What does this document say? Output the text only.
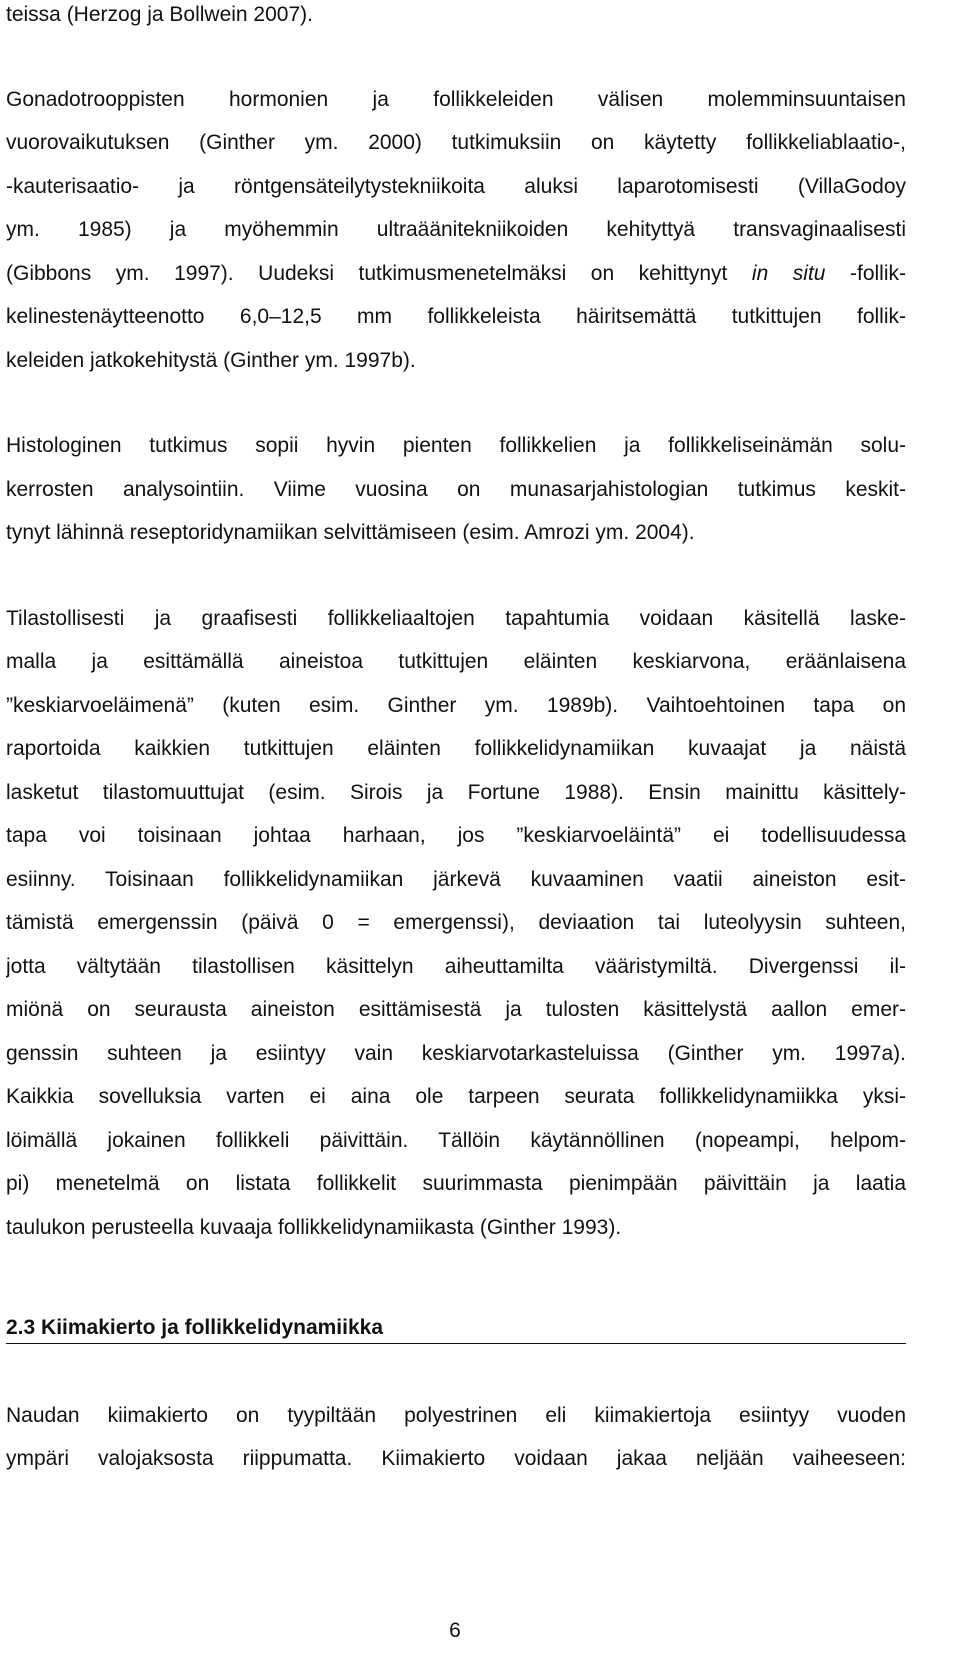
teissa (Herzog ja Bollwein 2007).
Gonadotrooppisten hormonien ja follikkeleiden välisen molemminsuuntaisen
vuorovaikutuksen (Ginther ym. 2000) tutkimuksiin on käytetty follikkeliablaatio-,
-kauterisaatio- ja röntgensäteilytystekniikoita aluksi laparotomisesti (VillaGodoy
ym. 1985) ja myöhemmin ultraäänitekniikoiden kehityttyä transvaginaalisesti
(Gibbons ym. 1997). Uudeksi tutkimusmenetelmäksi on kehittynyt in situ -follik-
kelinestenäytteenotto 6,0–12,5 mm follikkeleista häiritsemättä tutkittujen follik-
keleiden jatkokehitystä (Ginther ym. 1997b).
Histologinen tutkimus sopii hyvin pienten follikkelien ja follikkeliseinämän solu-
kerrosten analysointiin. Viime vuosina on munasarjahistologian tutkimus keskit-
tynyt lähinnä reseptoridynamiikan selvittämiseen (esim. Amrozi ym. 2004).
Tilastollisesti ja graafisesti follikkeliaaltojen tapahtumia voidaan käsitellä laske-
malla ja esittämällä aineistoa tutkittujen eläinten keskiarvona, eräänlaisena
”keskiarvoeläimenä” (kuten esim. Ginther ym. 1989b). Vaihtoehtoinen tapa on
raportoida kaikkien tutkittujen eläinten follikkelidynamiikan kuvaajat ja näistä
lasketut tilastomuuttujat (esim. Sirois ja Fortune 1988). Ensin mainittu käsittely-
tapa voi toisinaan johtaa harhaan, jos ”keskiarvoeläintä” ei todellisuudessa
esiinny. Toisinaan follikkelidynamiikan järkevä kuvaaminen vaatii aineiston esit-
tämistä emergenssin (päivä 0 = emergenssi), deviaation tai luteolyysin suhteen,
jotta vältytään tilastollisen käsittelyn aiheuttamilta vääristymiltä. Divergenssi il-
miönä on seurausta aineiston esittämisestä ja tulosten käsittelystä aallon emer-
genssin suhteen ja esiintyy vain keskiarvotarkasteluissa (Ginther ym. 1997a).
Kaikkia sovelluksia varten ei aina ole tarpeen seurata follikkelidynamiikka yksi-
löimällä jokainen follikkeli päivittäin. Tällöin käytännöllinen (nopeampi, helpom-
pi) menetelmä on listata follikkelit suurimmasta pienimpään päivittäin ja laatia
taulukon perusteella kuvaaja follikkelidynamiikasta (Ginther 1993).
2.3 Kiimakierto ja follikkelidynamiikka
Naudan kiimakierto on tyypiltään polyestrinen eli kiimakiertoja esiintyy vuoden
ympäri valojaksosta riippumatta. Kiimakierto voidaan jakaa neljään vaiheeseen:
6
